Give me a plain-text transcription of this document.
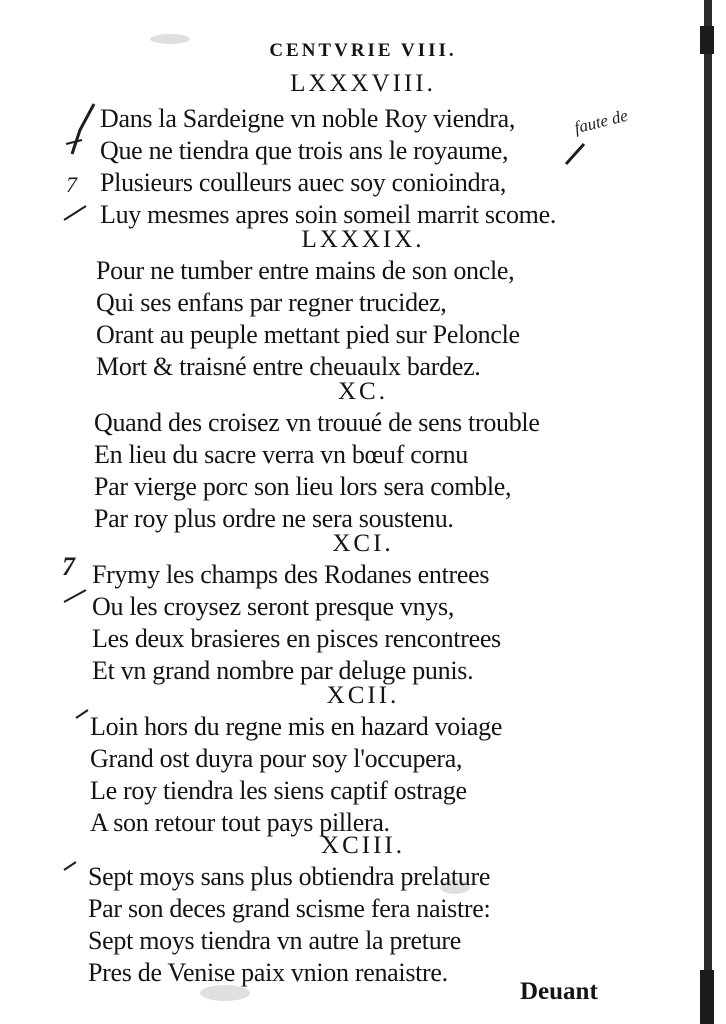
CENTVRIE VIII.
LXXXVIII.
Dans la Sardeigne vn noble Roy viendra,
Que ne tiendra que trois ans le royaume,
Plusieurs coulleurs auec soy conioindra,
Luy mesmes apres soin someil marrit scome.
LXXXIX.
Pour ne tumber entre mains de son oncle,
Qui ses enfans par regner trucidez,
Orant au peuple mettant pied sur Peloncle
Mort & traisné entre cheuaulx bardez.
XC.
Quand des croisez vn trouué de sens trouble
En lieu du sacre verra vn bœuf cornu
Par vierge porc son lieu lors sera comble,
Par roy plus ordre ne sera soustenu.
XCI.
Frymy les champs des Rodanes entrees
Ou les croysez seront presque vnys,
Les deux brasieres en pisces rencontrees
Et vn grand nombre par deluge punis.
XCII.
Loin hors du regne mis en hazard voiage
Grand ost duyra pour soy l'occupera,
Le roy tiendra les siens captif ostrage
A son retour tout pays pillera.
XCIII.
Sept moys sans plus obtiendra prelature
Par son deces grand scisme fera naistre:
Sept moys tiendra vn autre la preture
Pres de Venise paix vnion renaistre.
7
7
faute de
Deuant
